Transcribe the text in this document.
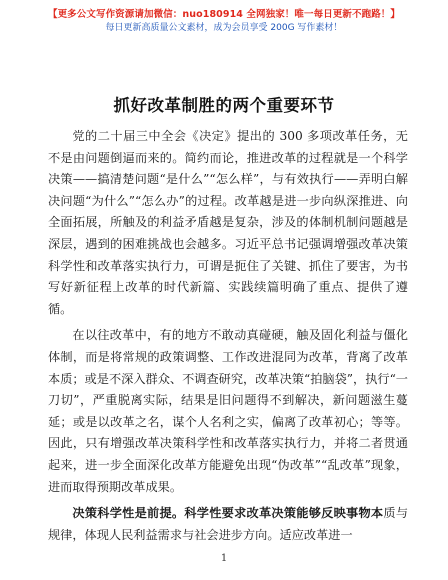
【更多公文写作资源请加微信：nuo180914 全网独家！唯一每日更新不跑路！】
每日更新高质量公文素材，成为会员享受 200G 写作素材！
抓好改革制胜的两个重要环节

党的二十届三中全会《决定》提出的 300 多项改革任务，无不是由问题倒逼而来的。简约而论，推进改革的过程就是一个科学决策——搞清楚问题“是什么”“怎么样”，与有效执行——弄明白解决问题“为什么”“怎么办”的过程。改革越是进一步向纵深推进、向全面拓展，所触及的利益矛盾越是复杂，涉及的体制机制问题越是深层，遇到的困难挑战也会越多。习近平总书记强调增强改革决策科学性和改革落实执行力，可谓是扼住了关键、抓住了要害，为书写好新征程上改革的时代新篇、实践续篇明确了重点、提供了遵循。

在以往改革中，有的地方不敢动真碰硬，触及固化利益与僵化体制，而是将常规的政策调整、工作改进混同为改革，背离了改革本质；或是不深入群众、不调查研究，改革决策“拍脑袋”，执行“一刀切”，严重脱离实际，结果是旧问题得不到解决，新问题滋生蔓延；或是以改革之名，谋个人名利之实，偏离了改革初心；等等。因此，只有增强改革决策科学性和改革落实执行力，并将二者贯通起来，进一步全面深化改革方能避免出现“伪改革”“乱改革”现象，进而取得预期改革成果。

决策科学性是前提。科学性要求改革决策能够反映事物本质与规律，体现人民利益需求与社会进步方向。适应改革进一

1
